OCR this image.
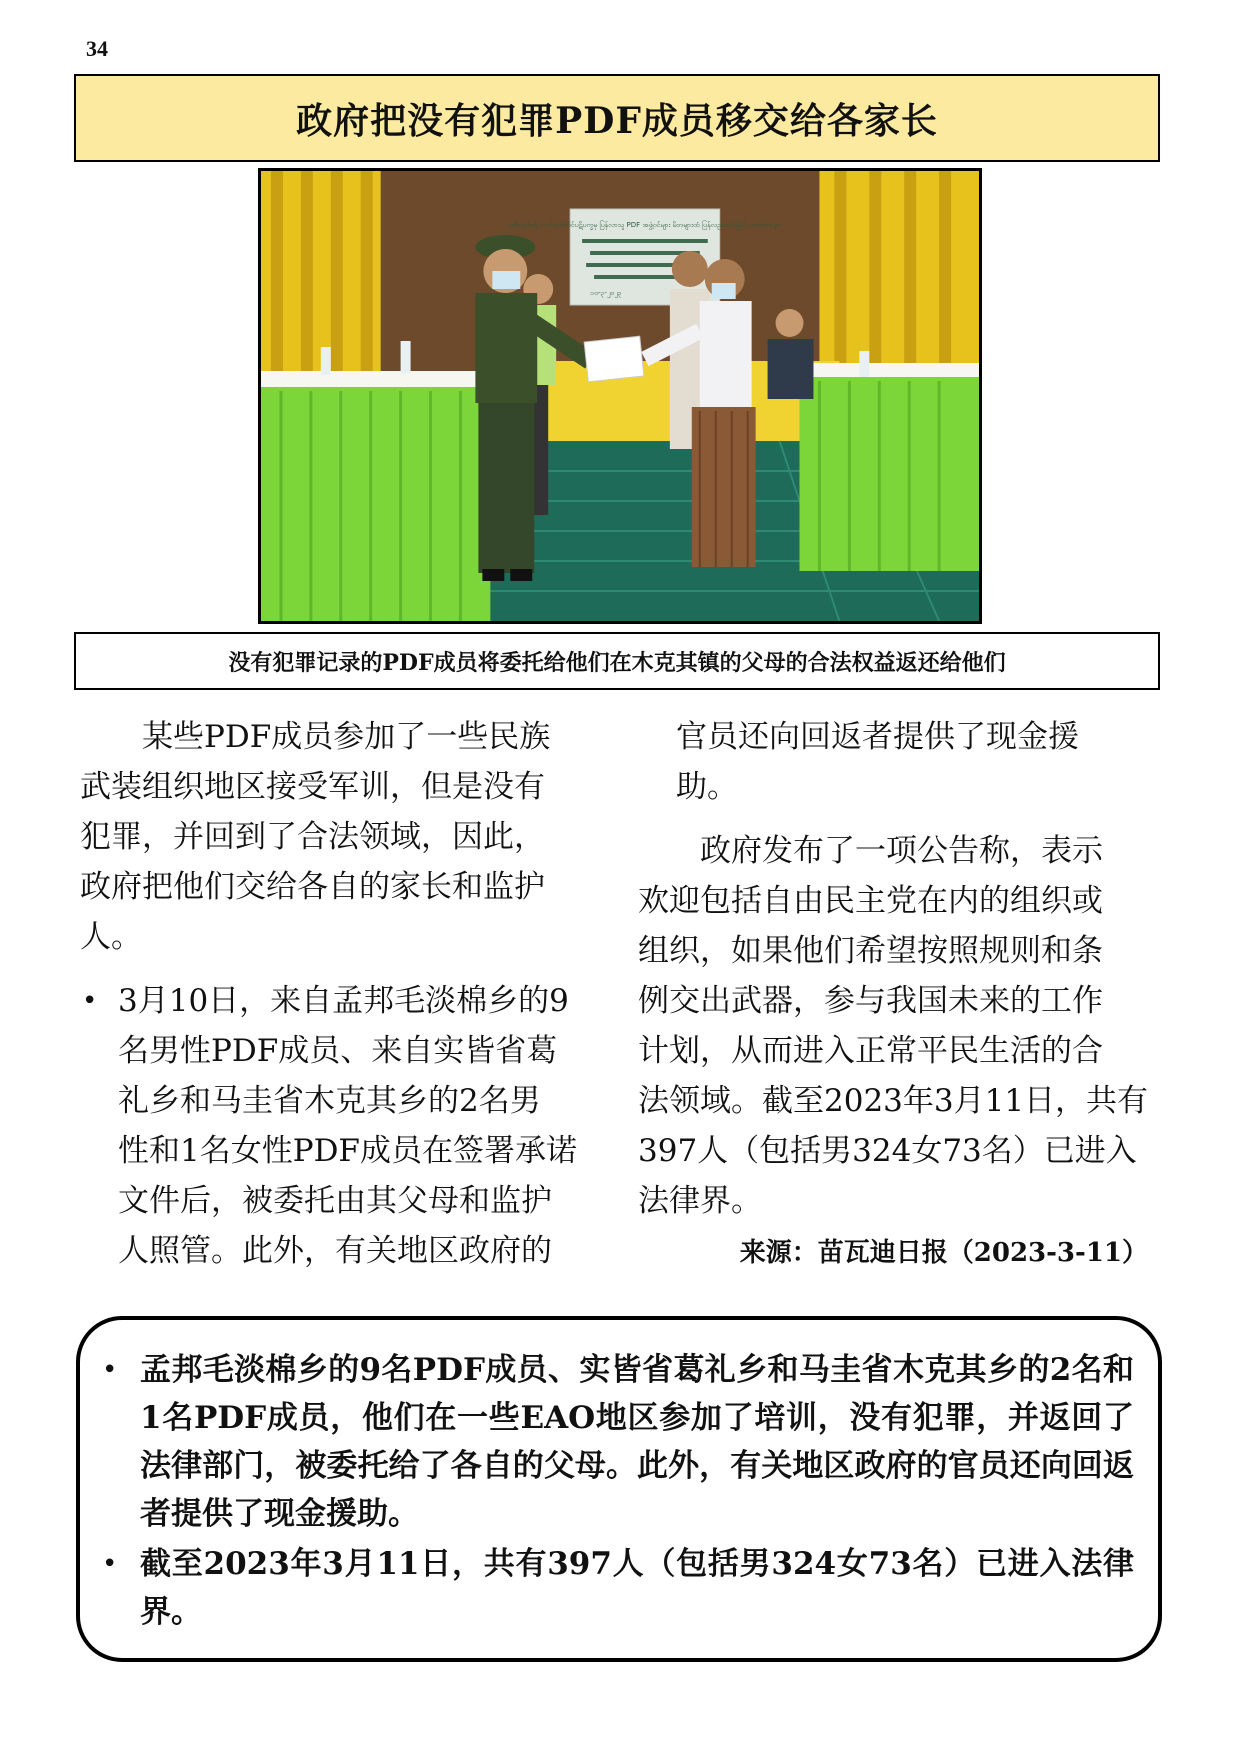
34
政府把没有犯罪PDF成员移交给各家长
အစိုးရထံသို့ လက်နက်ကိုင်ပဋိပက္ခမှ ပြန်လာသူ PDF အဖွဲ့ဝင်များ မိဘများထံ ပြန်လည်အပ်နှံခြင်း အခမ်းအနား
၁၀-၃-၂၀၂၃

没有犯罪记录的PDF成员将委托给他们在木克其镇的父母的合法权益返还给他们

某些PDF成员参加了一些民族
武装组织地区接受军训，但是没有
犯罪，并回到了合法领域，因此，
政府把他们交给各自的家长和监护
人。

• 3月10日，来自孟邦毛淡棉乡的9
名男性PDF成员、来自实皆省葛
礼乡和马圭省木克其乡的2名男
性和1名女性PDF成员在签署承诺
文件后，被委托由其父母和监护
人照管。此外，有关地区政府的

官员还向回返者提供了现金援
助。

政府发布了一项公告称，表示
欢迎包括自由民主党在内的组织或
组织，如果他们希望按照规则和条
例交出武器，参与我国未来的工作
计划，从而进入正常平民生活的合
法领域。截至2023年3月11日，共有
397人（包括男324女73名）已进入
法律界。

来源：苗瓦迪日报（2023-3-11）
• 孟邦毛淡棉乡的9名PDF成员、实皆省葛礼乡和马圭省木克其乡的2名和1名PDF成员，他们在一些EAO地区参加了培训，没有犯罪，并返回了法律部门，被委托给了各自的父母。此外，有关地区政府的官员还向回返者提供了现金援助。
• 截至2023年3月11日，共有397人（包括男324女73名）已进入法律界。
